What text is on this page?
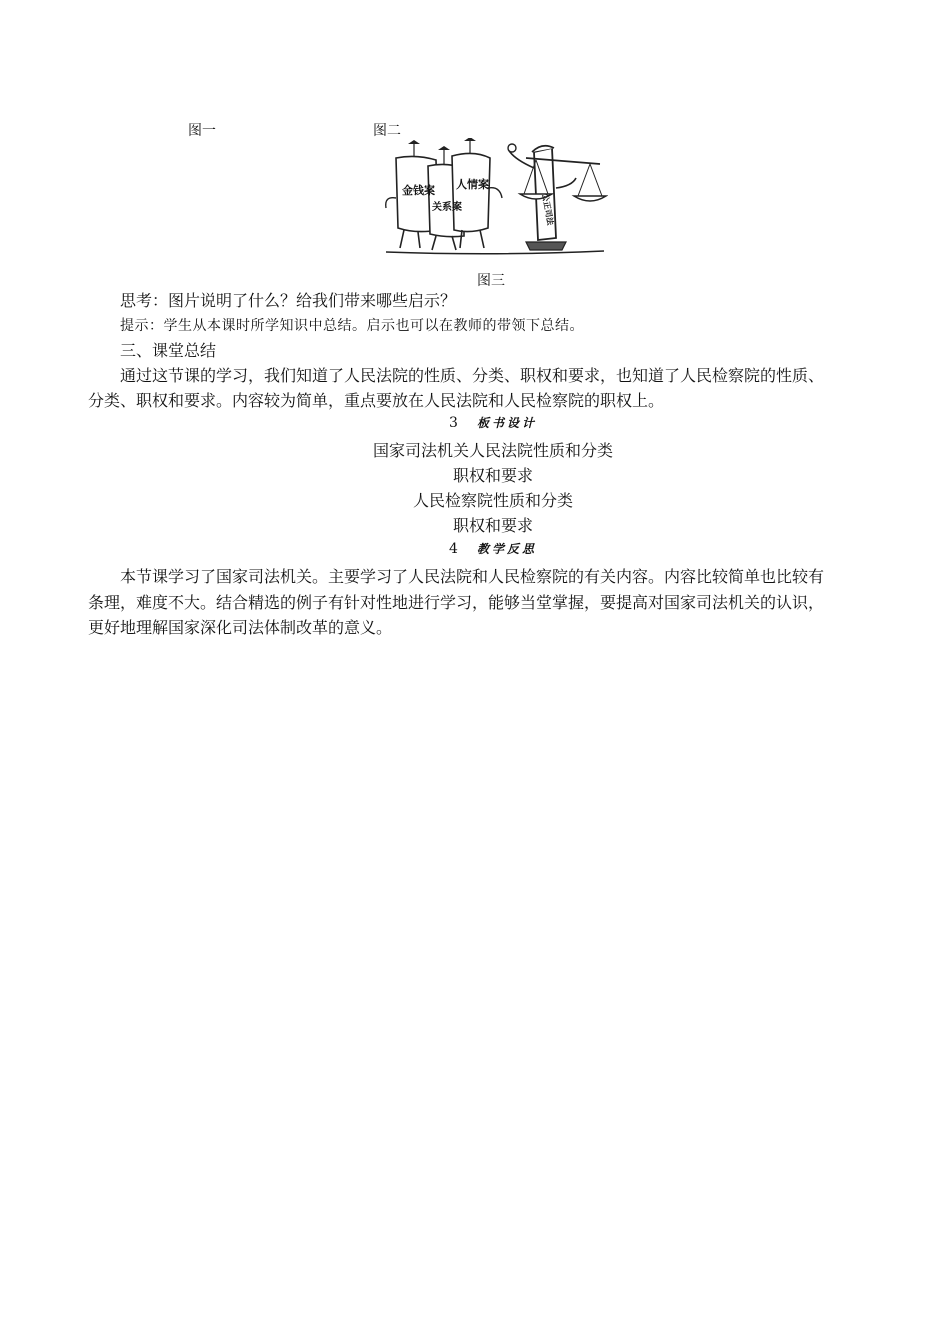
图一	图二
金钱案
关系案
人情案
公正司法
图三
思考：图片说明了什么？给我们带来哪些启示？
提示：学生从本课时所学知识中总结。启示也可以在教师的带领下总结。
三、课堂总结
通过这节课的学习，我们知道了人民法院的性质、分类、职权和要求，也知道了人民检察院的性质、
分类、职权和要求。内容较为简单，重点要放在人民法院和人民检察院的职权上。
3 板书设计
国家司法机关人民法院性质和分类
职权和要求
人民检察院性质和分类
职权和要求
4 教学反思
本节课学习了国家司法机关。主要学习了人民法院和人民检察院的有关内容。内容比较简单也比较有
条理，难度不大。结合精选的例子有针对性地进行学习，能够当堂掌握，要提高对国家司法机关的认识，
更好地理解国家深化司法体制改革的意义。
